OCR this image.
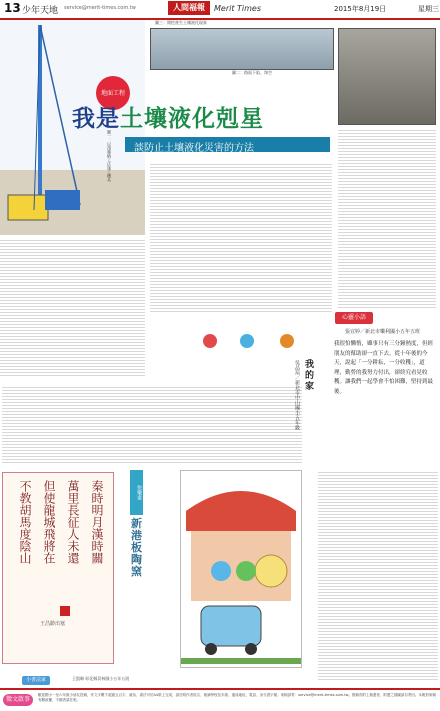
13 少年天地 service@merit-times.com.tw	人間福報	Merit Times	2015年8月19日	星期三
圖一：以預壘樁工法施工機具
圖三：開挖產生土壤液化現象
圖二：路面下陷、淘空
地面工程
我是土壤液化剋星
談防止土壤液化災害的方法
心靈小語
張宜婷／新北市樂利國小五年五班
我很怕懶惰，雖事只有三分鐘熱度，但經朋友的幫助卻一直下去。從十年後的今天，說起「一分耕耘，一分收穫」，道理，勤勞的我努力付出，卻終究看見收穫。讓我們一起學會不怕困難，堅持到最後。
我的家
吳品瑄／新北市中山國小五年級
秦時明月漢時關
萬里長征人未還
但使龍城飛將在
不教胡馬度陰山
王昌齡出塞
小書法家	王凱琳 彰化縣員林國小五年五班
快樂畫
新港板陶窯
徵文啟事
歡迎國小一至六年級小朋友投稿，作文字數不超過五百字，童詩、書法可於A4紙上完成，請註明作者姓名、就讀學校及年級、通訊地址、電話、身分證字號。來稿請寄：service@merit-times.com.tw。徵稿有附上插畫者，附畫之插圖請另寄回。本報對來稿有刪改權，不願者請註明。
